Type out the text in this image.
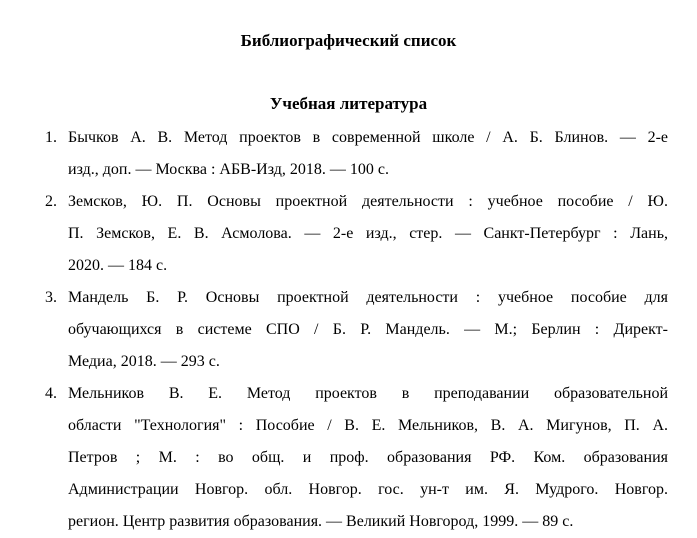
Библиографический список
Учебная литература
1. Бычков А. В. Метод проектов в современной школе / А. Б. Блинов. — 2-е
изд., доп. — Москва : АБВ-Изд, 2018. — 100 с.
2. Земсков, Ю. П. Основы проектной деятельности : учебное пособие / Ю.
П. Земсков, Е. В. Асмолова. — 2-е изд., стер. — Санкт-Петербург : Лань,
2020. — 184 с.
3. Мандель Б. Р. Основы проектной деятельности : учебное пособие для
обучающихся в системе СПО / Б. Р. Мандель. — М.; Берлин : Директ-
Медиа, 2018. — 293 с.
4. Мельников В. Е. Метод проектов в преподавании образовательной
области "Технология" : Пособие / В. Е. Мельников, В. А. Мигунов, П. А.
Петров ; М. : во общ. и проф. образования РФ. Ком. образования
Администрации Новгор. обл. Новгор. гос. ун-т им. Я. Мудрого. Новгор.
регион. Центр развития образования. — Великий Новгород, 1999. — 89 с.
